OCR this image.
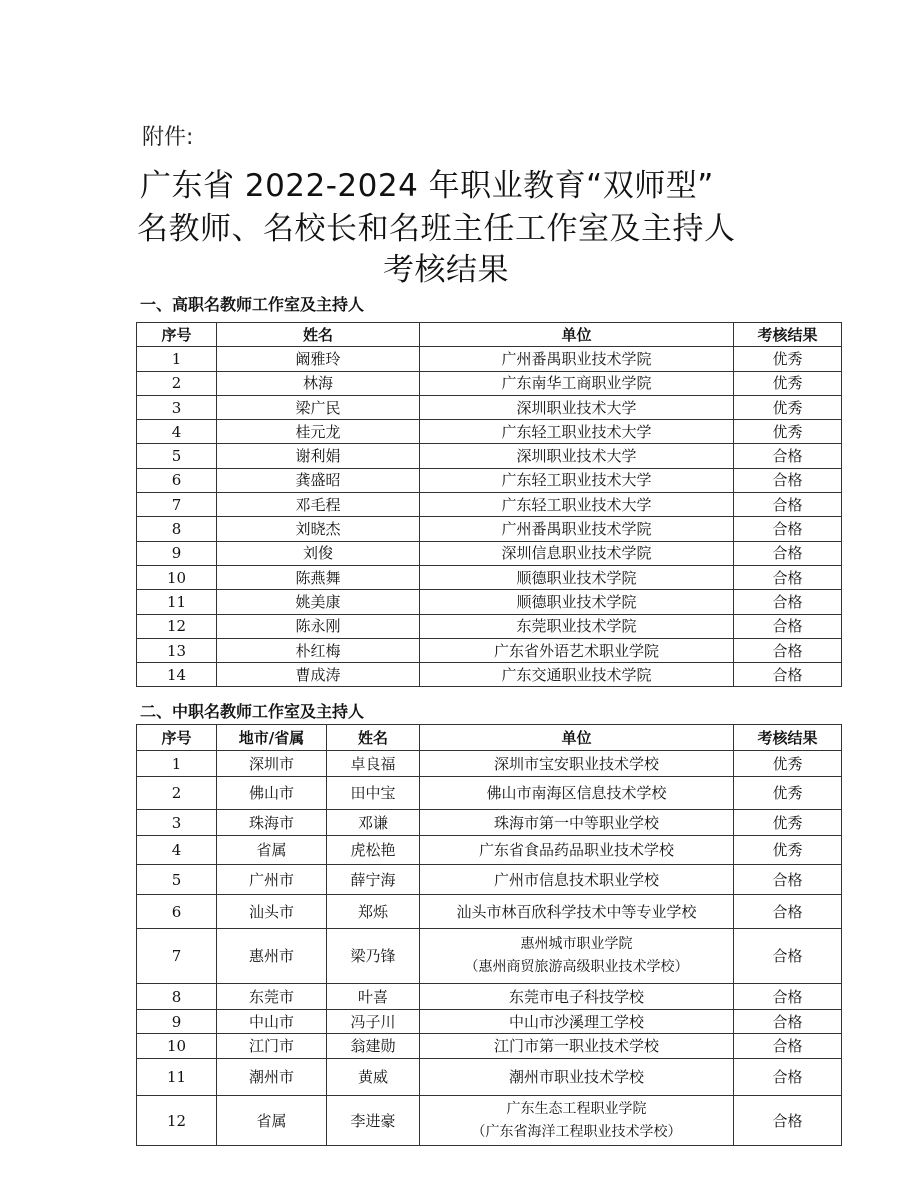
附件:
广东省 2022-2024 年职业教育“双师型”
名教师、名校长和名班主任工作室及主持人
考核结果
一、高职名教师工作室及主持人
序号	姓名	单位	考核结果
1	阚雅玲	广州番禺职业技术学院	优秀
2	林海	广东南华工商职业学院	优秀
3	梁广民	深圳职业技术大学	优秀
4	桂元龙	广东轻工职业技术大学	优秀
5	谢利娟	深圳职业技术大学	合格
6	龚盛昭	广东轻工职业技术大学	合格
7	邓毛程	广东轻工职业技术大学	合格
8	刘晓杰	广州番禺职业技术学院	合格
9	刘俊	深圳信息职业技术学院	合格
10	陈燕舞	顺德职业技术学院	合格
11	姚美康	顺德职业技术学院	合格
12	陈永刚	东莞职业技术学院	合格
13	朴红梅	广东省外语艺术职业学院	合格
14	曹成涛	广东交通职业技术学院	合格
二、中职名教师工作室及主持人
序号	地市/省属	姓名	单位	考核结果
1	深圳市	卓良福	深圳市宝安职业技术学校	优秀
2	佛山市	田中宝	佛山市南海区信息技术学校	优秀
3	珠海市	邓谦	珠海市第一中等职业学校	优秀
4	省属	虎松艳	广东省食品药品职业技术学校	优秀
5	广州市	薛宁海	广州市信息技术职业学校	合格
6	汕头市	郑烁	汕头市林百欣科学技术中等专业学校	合格
7	惠州市	梁乃锋	惠州城市职业学院
（惠州商贸旅游高级职业技术学校）	合格
8	东莞市	叶喜	东莞市电子科技学校	合格
9	中山市	冯子川	中山市沙溪理工学校	合格
10	江门市	翁建勋	江门市第一职业技术学校	合格
11	潮州市	黄威	潮州市职业技术学校	合格
12	省属	李进豪	广东生态工程职业学院
（广东省海洋工程职业技术学校）	合格
